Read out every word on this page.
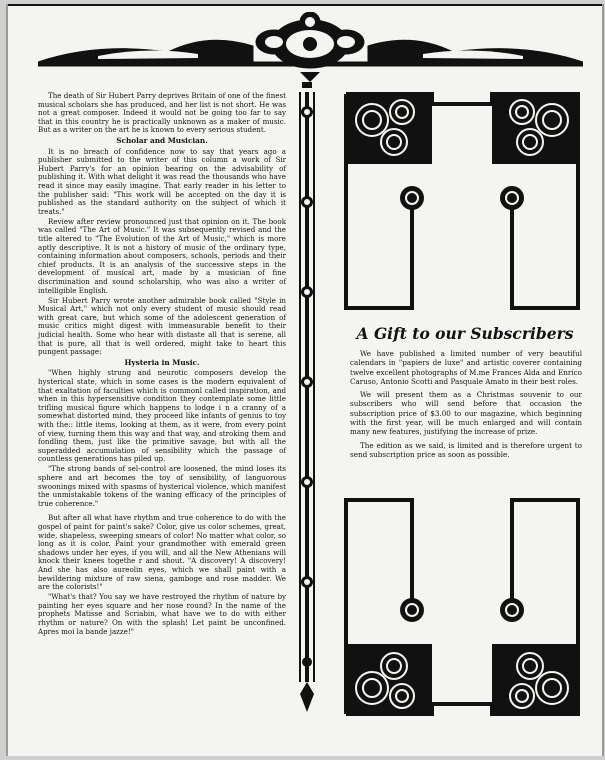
The death of Sir Hubert Parry deprives Britain of one of the finest musical scholars she has produced, and her list is not short. He was not a great composer. Indeed it would not be going too far to say that in this country he is practically unknown as a maker of music. But as a writer on the art he is known to every serious student.

Scholar and Musician.

It is no breach of confidence now to say that years ago a publisher submitted to the writer of this column a work of Sir Hubert Parry's for an opinion bearing on the advisability of publishing it. With what delight it was read the thousands who have read it since may easily imagine. That early reader in his letter to the publisher said: "This work will be accepted on the day it is published as the standard authority on the subject of which it treats."

Review after review pronounced just that opinion on it. The book was called "The Art of Music." It was subsequently revised and the title altered to "The Evolution of the Art of Music," which is more aptly descriptive. It is not a history of music of the ordinary type, containing information about composers, schools, periods and their chief products. It is an analysis of the successive steps in the development of musical art, made by a musician of fine discrimination and sound scholarship, who was also a writer of intelligible English.

Sir Hubert Parry wrote another admirable book called "Style in Musical Art," which not only every student of music should read with great care, but which some of the adolescent generation of music critics might digest with immeasurable benefit to their judicial health. Some who hear with distaste all that is serene, all that is pure, all that is well ordered, might take to heart this pungent passage:

Hysteria in Music.

"When highly strung and neurotic composers develop the hysterical state, which in some cases is the modern equivalent of that exaltation of faculties which is commonl called inspiration, and when in this hypersensitive condition they contemplate some little trifling musical figure which happens to lodge i n a cranny of a somewhat distorted mind, they proceed like infants of genius to toy with the:: little items, looking at them, as it were, from every point of view, turning them this way and that way, and stroking them and fondling them, just like the primitive savage, but with all the superadded accumulation of sensibility which the passage of countless generations has piled up.

"The strong bands of sel-control are loosened, the mind loses its sphere and art becomes the toy of sensibility, of languorous swoonings mixed with spasms of hysterical violence, which manifest the unmistakable tokens of the waning efficacy of the principles of true coherence."

But after all what have rhythm and true coherence to do with the gospel of paint for paint's sake? Color, give us color schemes, great, wide, shapeless, sweeping smears of color! No matter what color, so long as it is color. Paint your grandmother with emerald green shadows under her eyes, if you will, and all the New Athenians will knock their knees togethe r and shout. "A discovery! A discovery! And she has also aureolin eyes, which we shall paint with a bewildering mixture of raw siena, gamboge and rose madder. We are the colorists!"

"What's that? You say we have restroyed the rhythm of nature by painting her eyes square and her nose round? In the name of the prophets Matisse and Scriabin, what have we to do with either rhythm or nature? On with the splash! Let paint be unconfined. Apres moi la bande jazze!"

A Gift to our Subscribers

We have published a limited number of very beautiful calendars in "papiers de luxe" and artistic coverer containing twelve excellent photographs of M.me Frances Alda and Enrico Caruso, Antonio Scotti and Pasquale Amato in their best roles.

We will present them as a Christmas souvenir to our subscribers who will send before that occasion the subscription price of $3.00 to our magazine, which beginning with the first year, will be much enlarged and will contain many new features, justifying the increase of prize.

The edition as we said, is limited and is therefore urgent to send subscription price as soon as possible.
